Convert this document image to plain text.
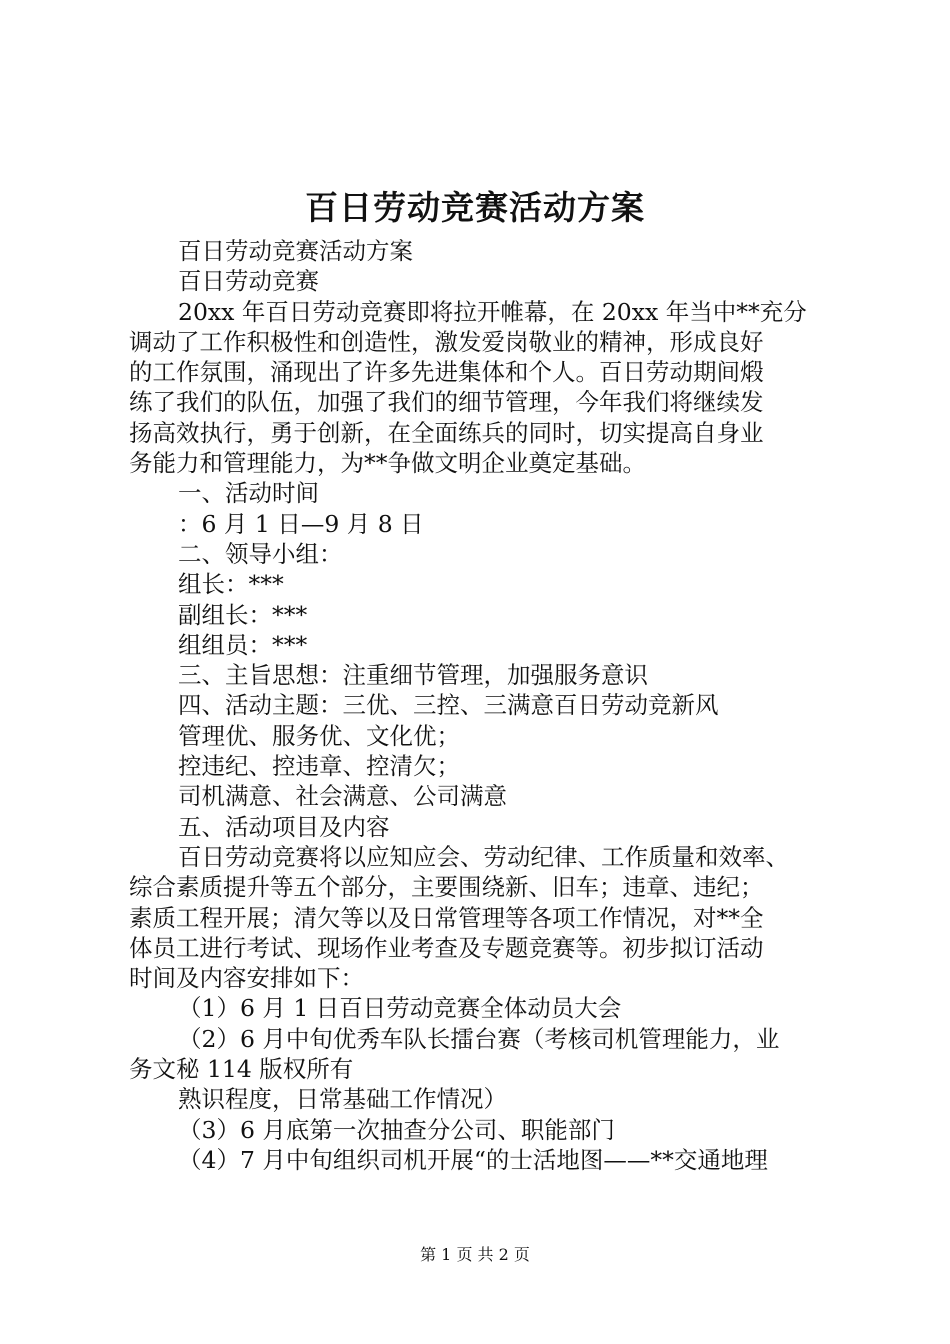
百日劳动竞赛活动方案
百日劳动竞赛活动方案
百日劳动竞赛
20xx 年百日劳动竞赛即将拉开帷幕，在 20xx 年当中**充分
调动了工作积极性和创造性，激发爱岗敬业的精神，形成良好
的工作氛围，涌现出了许多先进集体和个人。百日劳动期间煅
练了我们的队伍，加强了我们的细节管理，今年我们将继续发
扬高效执行，勇于创新，在全面练兵的同时，切实提高自身业
务能力和管理能力，为**争做文明企业奠定基础。
一、活动时间
：6 月 1 日—9 月 8 日
二、领导小组：
组长：***
副组长：***
组组员：***
三、主旨思想：注重细节管理，加强服务意识
四、活动主题：三优、三控、三满意百日劳动竞新风
管理优、服务优、文化优；
控违纪、控违章、控清欠；
司机满意、社会满意、公司满意
五、活动项目及内容
百日劳动竞赛将以应知应会、劳动纪律、工作质量和效率、
综合素质提升等五个部分，主要围绕新、旧车；违章、违纪；
素质工程开展；清欠等以及日常管理等各项工作情况，对**全
体员工进行考试、现场作业考查及专题竞赛等。初步拟订活动
时间及内容安排如下：
（1）6 月 1 日百日劳动竞赛全体动员大会
（2）6 月中旬优秀车队长擂台赛（考核司机管理能力，业
务文秘 114 版权所有
熟识程度，日常基础工作情况）
（3）6 月底第一次抽查分公司、职能部门
（4）7 月中旬组织司机开展“的士活地图——**交通地理
第 1 页 共 2 页
